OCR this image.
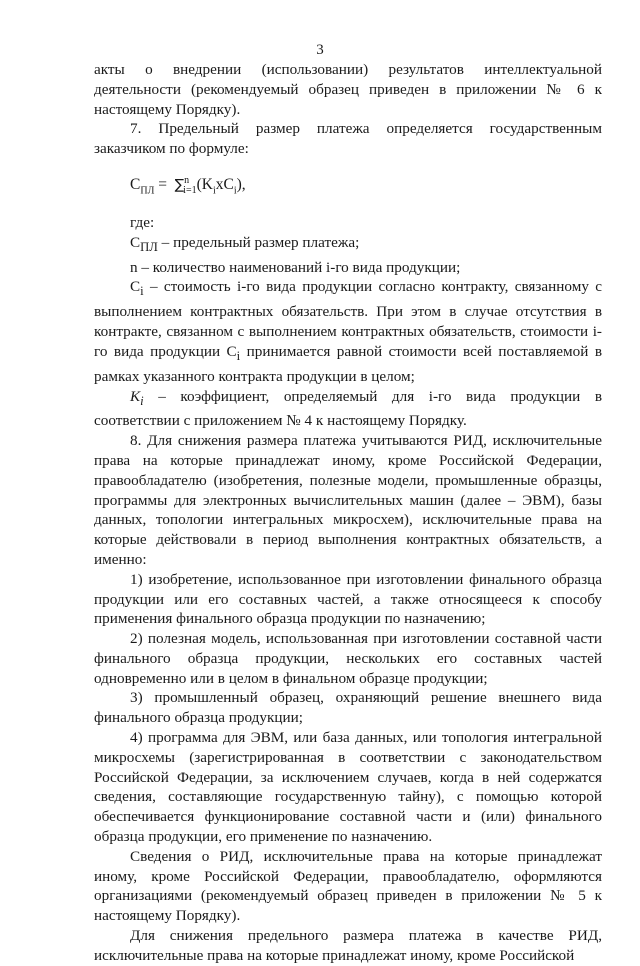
3

акты о внедрении (использовании) результатов интеллектуальной деятельности (рекомендуемый образец приведен в приложении № 6 к настоящему Порядку).

7. Предельный размер платежа определяется государственным заказчиком по формуле:

$C_{ПЛ} = \sum^n_{i=1}(K_ixC_i)$,

где:

$C_{ПЛ}$ – предельный размер платежа;

n – количество наименований i-го вида продукции;

$C_i$ – стоимость i-го вида продукции согласно контракту, связанному с выполнением контрактных обязательств. При этом в случае отсутствия в контракте, связанном с выполнением контрактных обязательств, стоимости i-го вида продукции $C_i$ принимается равной стоимости всей поставляемой в рамках указанного контракта продукции в целом;

$K_i$ – коэффициент, определяемый для i-го вида продукции в соответствии с приложением № 4 к настоящему Порядку.

8. Для снижения размера платежа учитываются РИД, исключительные права на которые принадлежат иному, кроме Российской Федерации, правообладателю (изобретения, полезные модели, промышленные образцы, программы для электронных вычислительных машин (далее – ЭВМ), базы данных, топологии интегральных микросхем), исключительные права на которые действовали в период выполнения контрактных обязательств, а именно:

1) изобретение, использованное при изготовлении финального образца продукции или его составных частей, а также относящееся к способу применения финального образца продукции по назначению;

2) полезная модель, использованная при изготовлении составной части финального образца продукции, нескольких его составных частей одновременно или в целом в финальном образце продукции;

3) промышленный образец, охраняющий решение внешнего вида финального образца продукции;

4) программа для ЭВМ, или база данных, или топология интегральной микросхемы (зарегистрированная в соответствии с законодательством Российской Федерации, за исключением случаев, когда в ней содержатся сведения, составляющие государственную тайну), с помощью которой обеспечивается функционирование составной части и (или) финального образца продукции, его применение по назначению.

Сведения о РИД, исключительные права на которые принадлежат иному, кроме Российской Федерации, правообладателю, оформляются организациями (рекомендуемый образец приведен в приложении № 5 к настоящему Порядку).

Для снижения предельного размера платежа в качестве РИД, исключительные права на которые принадлежат иному, кроме Российской
